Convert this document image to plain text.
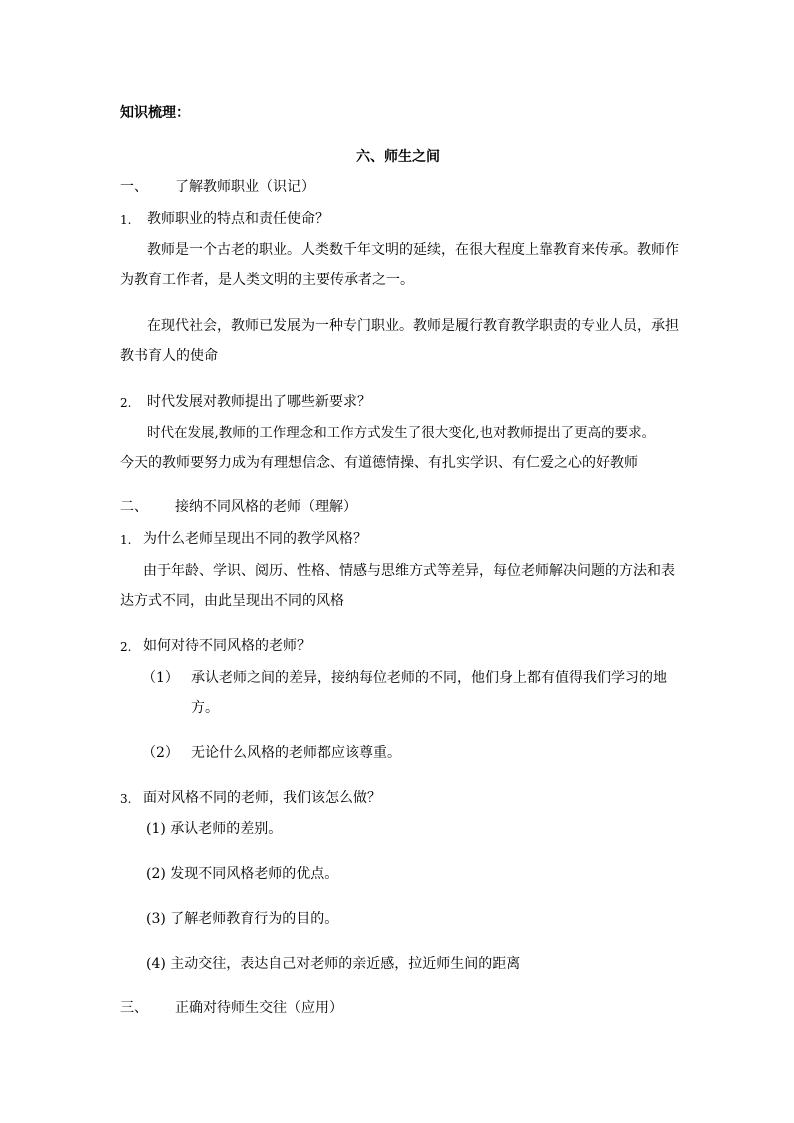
知识梳理：
六、师生之间
一、 了解教师职业（识记）
1. 教师职业的特点和责任使命？
教师是一个古老的职业。人类数千年文明的延续，在很大程度上靠教育来传承。教师作
为教育工作者，是人类文明的主要传承者之一。
在现代社会，教师已发展为一种专门职业。教师是履行教育教学职责的专业人员，承担
教书育人的使命
2. 时代发展对教师提出了哪些新要求？
时代在发展,教师的工作理念和工作方式发生了很大变化,也对教师提出了更高的要求。
今天的教师要努力成为有理想信念、有道德情操、有扎实学识、有仁爱之心的好教师
二、 接纳不同风格的老师（理解）
1. 为什么老师呈现出不同的教学风格？
由于年龄、学识、阅历、性格、情感与思维方式等差异，每位老师解决问题的方法和表
达方式不同，由此呈现出不同的风格
2. 如何对待不同风格的老师？
（1） 承认老师之间的差异，接纳每位老师的不同，他们身上都有值得我们学习的地
方。
（2） 无论什么风格的老师都应该尊重。
3. 面对风格不同的老师，我们该怎么做？
(1) 承认老师的差别。
(2) 发现不同风格老师的优点。
(3) 了解老师教育行为的目的。
(4) 主动交往，表达自己对老师的亲近感，拉近师生间的距离
三、 正确对待师生交往（应用）
